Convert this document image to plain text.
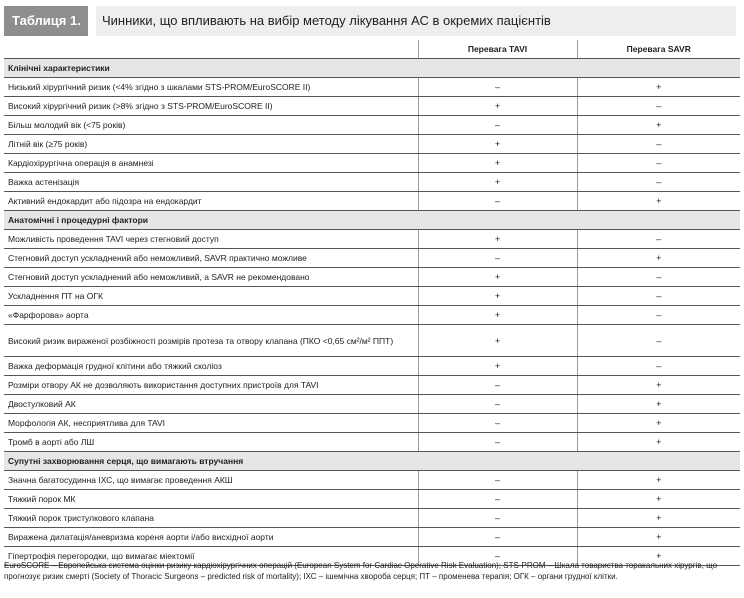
Таблиця 1.	Чинники, що впливають на вибір методу лікування АС в окремих пацієнтів
	Перевага TAVI	Перевага SAVR
Клінічні характеристики		
Низький хірургічний ризик (<4% згідно з шкалами STS-PROM/EuroSCORE II)	–	+
Високий хірургічний ризик (>8% згідно з STS-PROM/EuroSCORE II)	+	–
Більш молодий вік (<75 років)	–	+
Літній вік (≥75 років)	+	–
Кардіохірургічна операція в анамнезі	+	–
Важка астенізація	+	–
Активний ендокардит або підозра на ендокардит	–	+
Анатомічні і процедурні фактори		
Можливість проведення TAVI через стегновий доступ	+	–
Стегновий доступ ускладнений або неможливий, SAVR практично можливе	–	+
Стегновий доступ ускладнений або неможливий, а SAVR не рекомендовано	+	–
Ускладнення ПТ на ОГК	+	–
«Фарфорова» аорта	+	–
Високий ризик вираженої розбіжності розмірів протеза та отвору клапана (ПКО <0,65 см²/м² ППТ)	+	–
Важка деформація грудної клітини або тяжкий сколіоз	+	–
Розміри отвору АК не дозволяють використання доступних пристроїв для TAVI	–	+
Двостулковий АК	–	+
Морфологія АК, несприятлива для TAVI	–	+
Тромб в аорті або ЛШ	–	+
Супутні захворювання серця, що вимагають втручання		
Значна багатосудинна ІХС, що вимагає проведення АКШ	–	+
Тяжкий порок МК	–	+
Тяжкий порок тристулкового клапана	–	+
Виражена дилатація/аневризма кореня аорти і/або висхідної аорти	–	+
Гіпертрофія перегородки, що вимагає міектомії	–	+
EuroSCORE – Европейська система оцінки ризику кардіохірургічних операцій (European System for Cardiac Operative Risk Evaluation); STS-PROM – Шкала товариства торакальних хірургів, що прогнозує ризик смерті (Society of Thoracic Surgeons – predicted risk of mortality); ІХС – ішемічна хвороба серця; ПТ – променева терапія; ОГК – органи грудної клітки.
